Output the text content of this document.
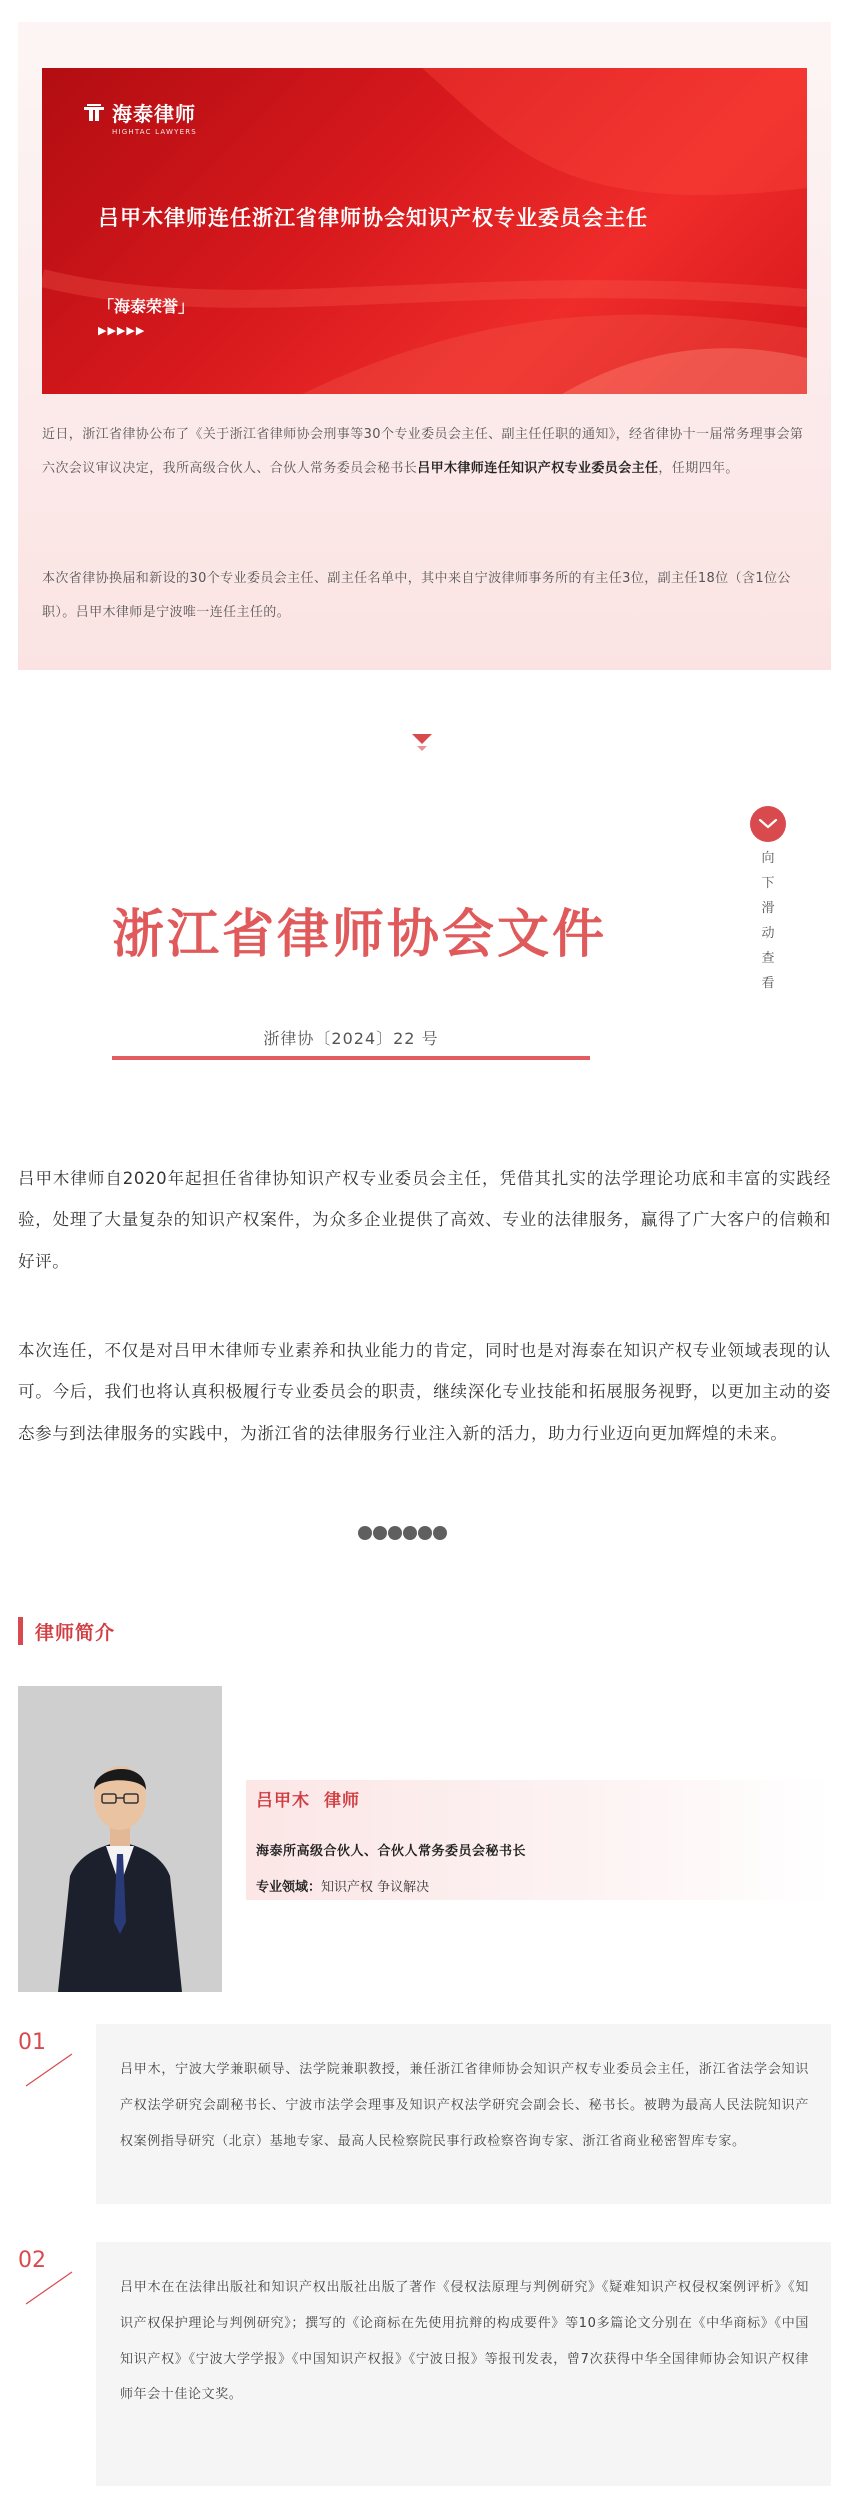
海泰律师
HIGHTAC LAWYERS
吕甲木律师连任浙江省律师协会知识产权专业委员会主任
「海泰荣誉」
▶▶▶▶▶

近日，浙江省律协公布了《关于浙江省律师协会刑事等30个专业委员会主任、副主任任职的通知》，经省律协十一届常务理事会第六次会议审议决定，我所高级合伙人、合伙人常务委员会秘书长吕甲木律师连任知识产权专业委员会主任，任期四年。

本次省律协换届和新设的30个专业委员会主任、副主任名单中，其中来自宁波律师事务所的有主任3位，副主任18位（含1位公职）。吕甲木律师是宁波唯一连任主任的。

向下滑动查看
浙江省律师协会文件
浙律协〔2024〕22 号

吕甲木律师自2020年起担任省律协知识产权专业委员会主任，凭借其扎实的法学理论功底和丰富的实践经验，处理了大量复杂的知识产权案件，为众多企业提供了高效、专业的法律服务，赢得了广大客户的信赖和好评。

本次连任，不仅是对吕甲木律师专业素养和执业能力的肯定，同时也是对海泰在知识产权专业领域表现的认可。今后，我们也将认真积极履行专业委员会的职责，继续深化专业技能和拓展服务视野，以更加主动的姿态参与到法律服务的实践中，为浙江省的法律服务行业注入新的活力，助力行业迈向更加辉煌的未来。

律师简介
吕甲木 律师
海泰所高级合伙人、合伙人常务委员会秘书长
专业领域：知识产权 争议解决
01
吕甲木，宁波大学兼职硕导、法学院兼职教授，兼任浙江省律师协会知识产权专业委员会主任，浙江省法学会知识产权法学研究会副秘书长、宁波市法学会理事及知识产权法学研究会副会长、秘书长。被聘为最高人民法院知识产权案例指导研究（北京）基地专家、最高人民检察院民事行政检察咨询专家、浙江省商业秘密智库专家。
02
吕甲木在在法律出版社和知识产权出版社出版了著作《侵权法原理与判例研究》《疑难知识产权侵权案例评析》《知识产权保护理论与判例研究》；撰写的《论商标在先使用抗辩的构成要件》等10多篇论文分别在《中华商标》《中国知识产权》《宁波大学学报》《中国知识产权报》《宁波日报》等报刊发表，曾7次获得中华全国律师协会知识产权律师年会十佳论文奖。
